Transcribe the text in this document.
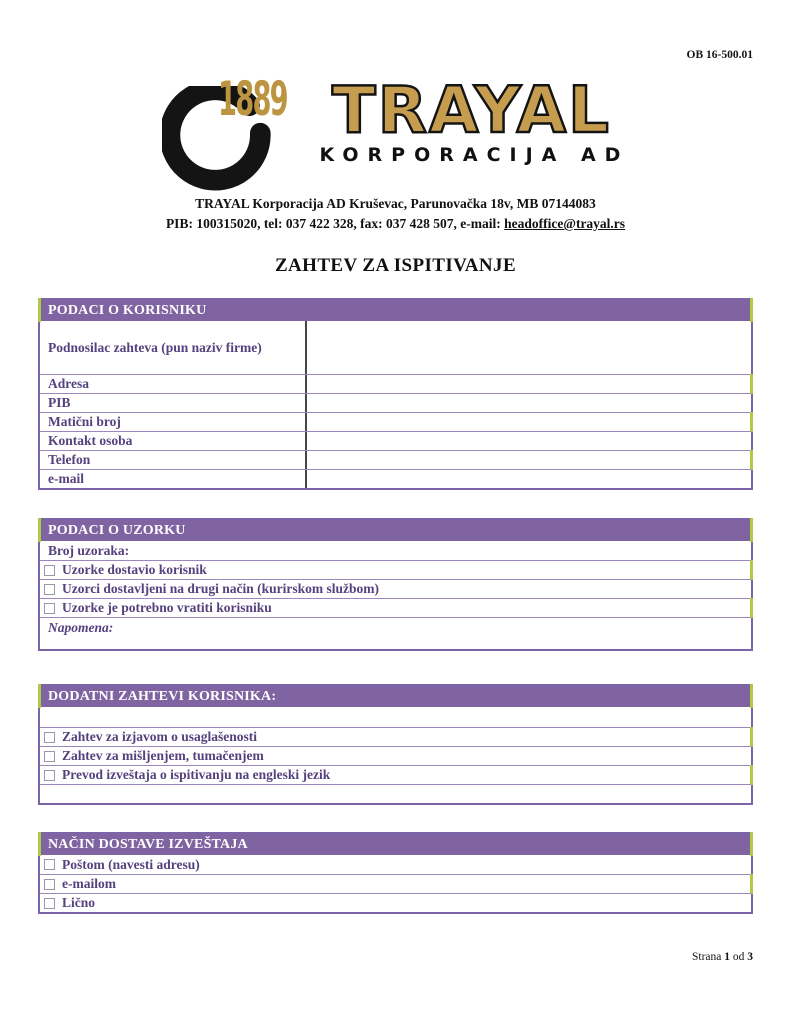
OB 16-500.01
1889 TRAYAL
KORPORACIJA AD
TRAYAL Korporacija AD Kruševac, Parunovačka 18v, MB 07144083
PIB: 100315020, tel: 037 422 328, fax: 037 428 507, e-mail: headoffice@trayal.rs
ZAHTEV ZA ISPITIVANJE
PODACI O KORISNIKU
Podnosilac zahteva (pun naziv firme)
Adresa
PIB
Matični broj
Kontakt osoba
Telefon
e-mail
PODACI O UZORKU
Broj uzoraka:
Uzorke dostavio korisnik
Uzorci dostavljeni na drugi način (kurirskom službom)
Uzorke je potrebno vratiti korisniku
Napomena:
DODATNI ZAHTEVI KORISNIKA:
Zahtev za izjavom o usaglašenosti
Zahtev za mišljenjem, tumačenjem
Prevod izveštaja o ispitivanju na engleski jezik
NAČIN DOSTAVE IZVEŠTAJA
Poštom (navesti adresu)
e-mailom
Lično
Strana 1 od 3
